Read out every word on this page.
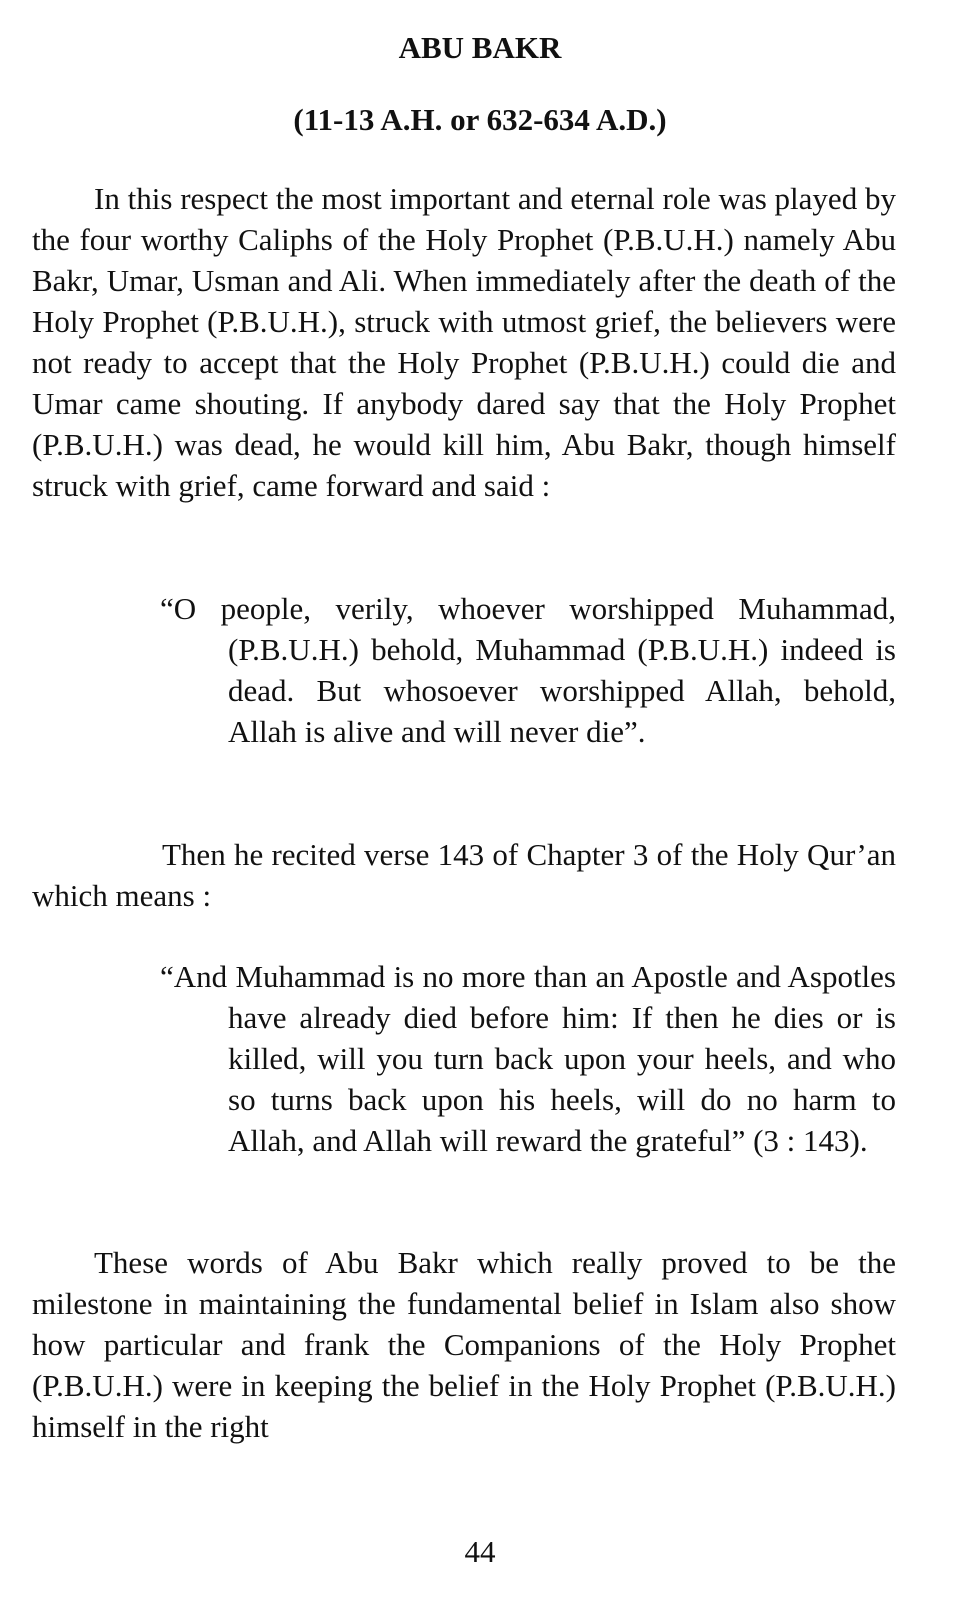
ABU BAKR
(11-13 A.H. or 632-634 A.D.)

In this respect the most important and eternal role was played by the four worthy Caliphs of the Holy Prophet (P.B.U.H.) namely Abu Bakr, Umar, Usman and Ali. When immediately after the death of the Holy Prophet (P.B.U.H.), struck with utmost grief, the believers were not ready to accept that the Holy Prophet (P.B.U.H.) could die and Umar came shouting. If anybody dared say that the Holy Prophet (P.B.U.H.) was dead, he would kill him, Abu Bakr, though himself struck with grief, came forward and said :

“O people, verily, whoever worshipped Muhammad,(P.B.U.H.) behold, Muhammad (P.B.U.H.) indeed is dead. But whosoever worshipped Allah, behold, Allah is alive and will never die”.

Then he recited verse 143 of Chapter 3 of the Holy Qur’an which means :

“And Muhammad is no more than an Apostle and Aspotles have already died before him: If then he dies or is killed, will you turn back upon your heels, and who so turns back upon his heels, will do no harm to Allah, and Allah will reward the grateful” (3 : 143).

These words of Abu Bakr which really proved to be the milestone in maintaining the fundamental belief in Islam also show how particular and frank the Companions of the Holy Prophet (P.B.U.H.) were in keeping the belief in the Holy Prophet (P.B.U.H.) himself in the right

44
